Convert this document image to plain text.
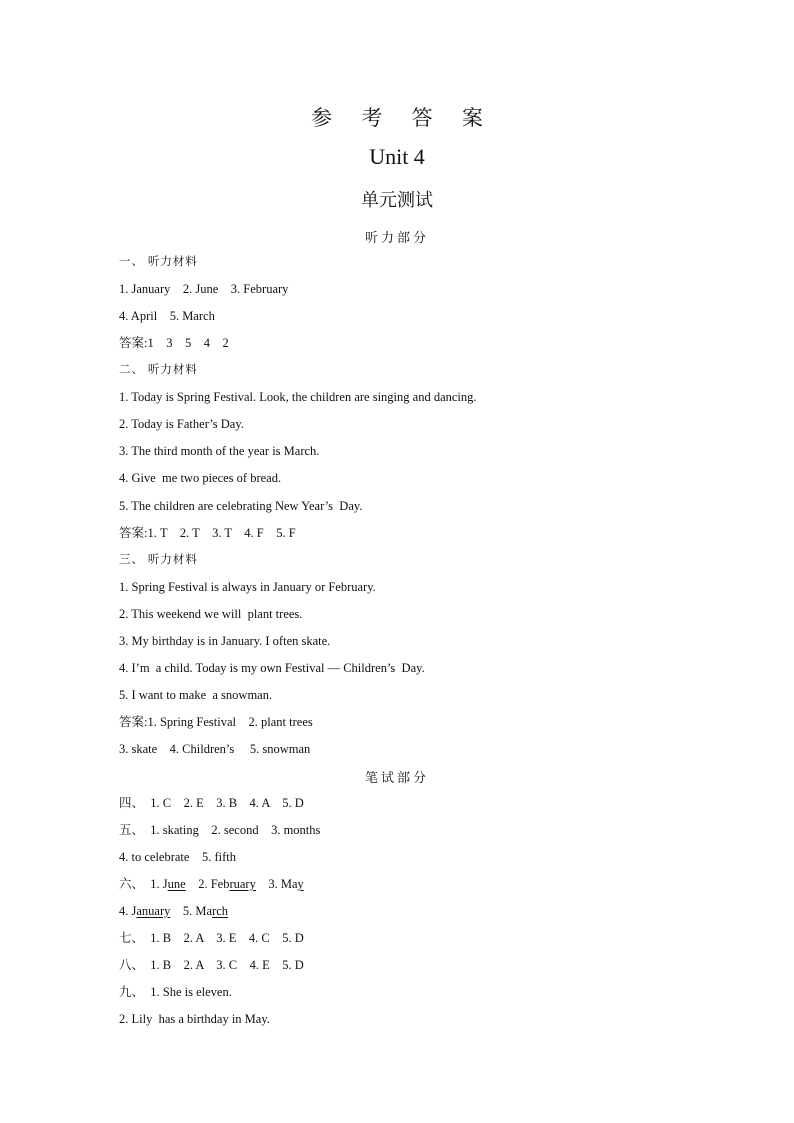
参 考 答 案
Unit 4
单元测试
听力部分
一、 听力材料
1. January    2. June    3. February
4. April    5. March
答案:1    3    5    4    2
二、 听力材料
1. Today is Spring Festival. Look, the children are singing and dancing.
2. Today is Father’s Day.
3. The third month of the year is March.
4. Give  me two pieces of bread.
5. The children are celebrating New Year’s  Day.
答案:1. T    2. T    3. T    4. F    5. F
三、 听力材料
1. Spring Festival is always in January or February.
2. This weekend we will  plant trees.
3. My birthday is in January. I often skate.
4. I’m  a child. Today is my own Festival — Children’s  Day.
5. I want to make  a snowman.
答案:1. Spring Festival    2. plant trees
3. skate    4. Children’s     5. snowman
笔试部分
四、  1. C    2. E    3. B    4. A    5. D
五、  1. skating    2. second    3. months
4. to celebrate    5. fifth
六、  1. June    2. February    3. May
4. January    5. March
七、  1. B    2. A    3. E    4. C    5. D
八、  1. B    2. A    3. C    4. E    5. D
九、  1. She is eleven.
2. Lily  has a birthday in May.
